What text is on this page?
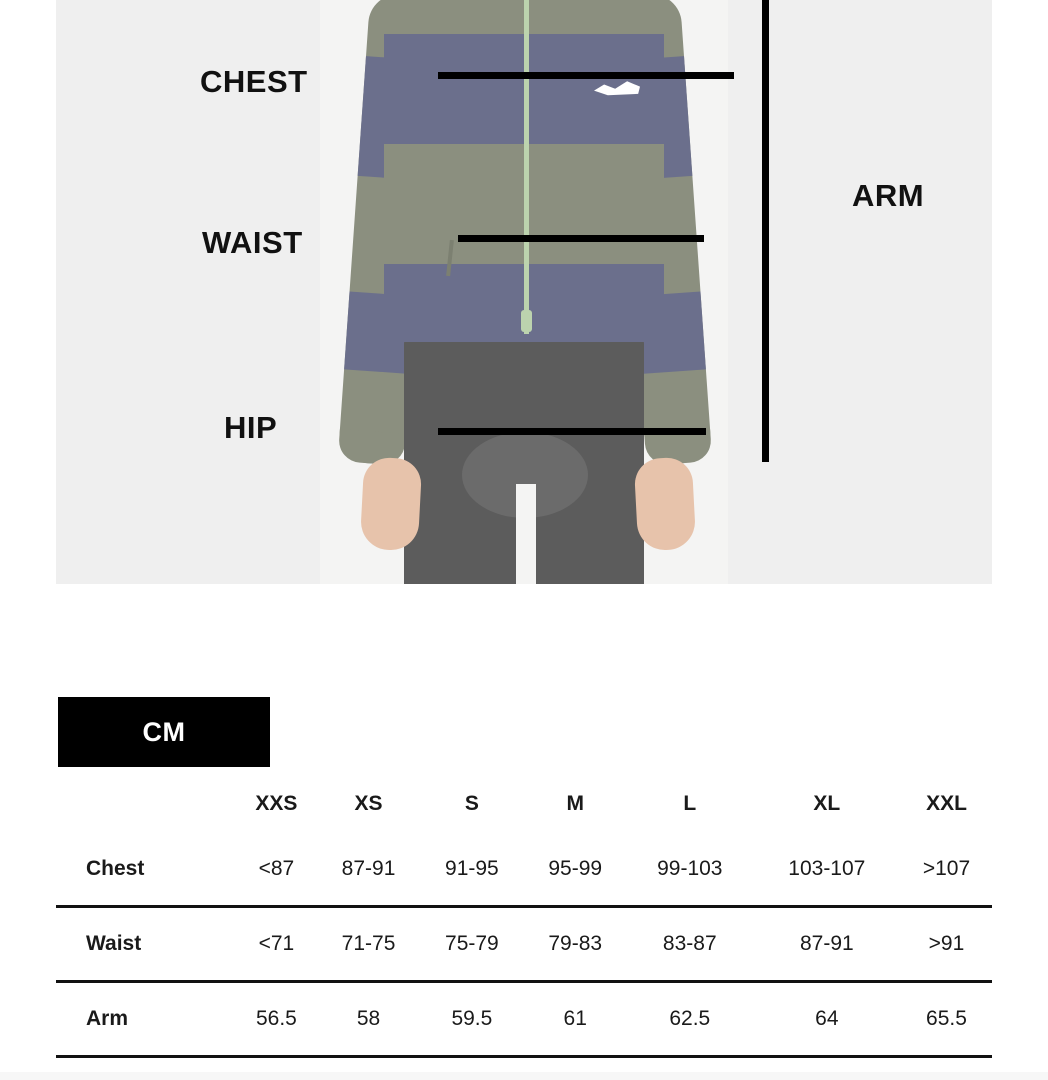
CHEST
WAIST
HIP
ARM
CM
	XXS	XS	S	M	L	XL	XXL
Chest	<87	87-91	91-95	95-99	99-103	103-107	>107
Waist	<71	71-75	75-79	79-83	83-87	87-91	>91
Arm	56.5	58	59.5	61	62.5	64	65.5
